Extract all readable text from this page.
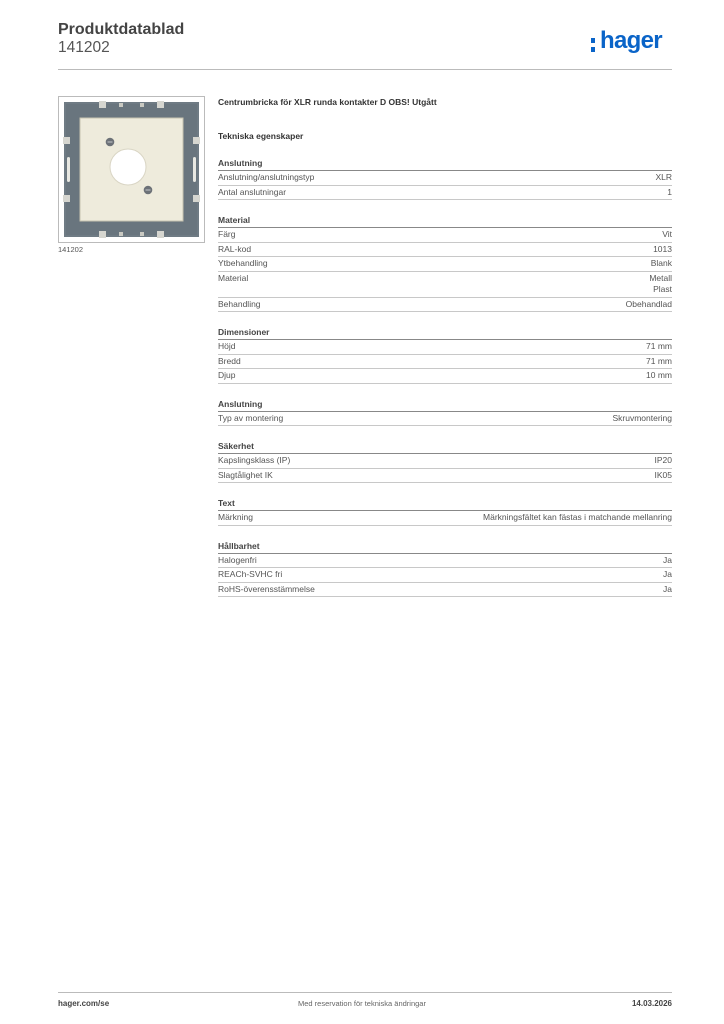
Produktdatablad
141202	hager
141202
Centrumbricka för XLR runda kontakter D OBS! Utgått
Tekniska egenskaper
Anslutning
Anslutning/anslutningstyp	XLR
Antal anslutningar	1
Material
Färg	Vit
RAL-kod	1013
Ytbehandling	Blank
Material	Metall
Plast
Behandling	Obehandlad
Dimensioner
Höjd	71 mm
Bredd	71 mm
Djup	10 mm
Anslutning
Typ av montering	Skruvmontering
Säkerhet
Kapslingsklass (IP)	IP20
Slagtålighet IK	IK05
Text
Märkning	Märkningsfältet kan fästas i matchande mellanring
Hållbarhet
Halogenfri	Ja
REACh-SVHC fri	Ja
RoHS-överensstämmelse	Ja
hager.com/se	Med reservation för tekniska ändringar	14.03.2026
